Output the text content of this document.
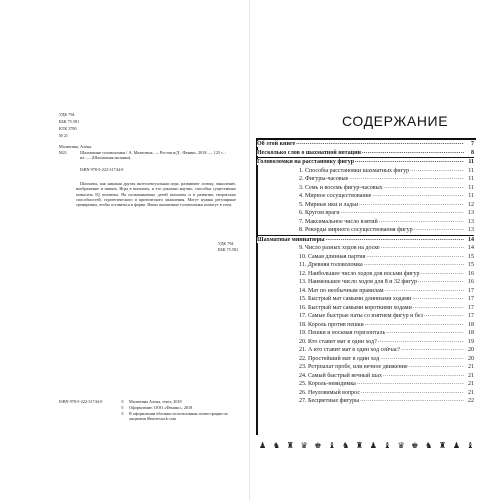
УДК 794
ББК 75.581
КТК 3780
М 21
Малютина, Алена.
М21	Шахматные головоломки / А. Малютина. — Ростов н/Д : Феникс, 2018. — 125 с. :
ил. — (Шахматная мозаика).
ISBN 978-5-222-31744-0

Шахматы, как никакая другая интеллектуальная игра, развивают логику, мышление, воображение и память. Игра в шахматы, и это доказано научно, способна существенно повысить IQ человека. На испытываемых детей шахматы и в развитии творческих способностей, стратегического и критического мышления. Могут нужны регулярные тренировки, чтобы оставаться в форме. Наши шахматные головоломки помогут в этом.

УДК 794
ББК 75.581
ISBN 978-5-222-31744-0	©	Малютина Алена, текст, 2018
©	Оформление: ООО «Феникс», 2018
©	В оформлении обложки использованы иллюстрации по лицензии Shutterstock.com
СОДЕРЖАНИЕ
Об этой книге .....	7
Несколько слов о шахматной нотации .....	8
Головоломки на расстановку фигур .....	11
1. Способы расстановки шахматных фигур .....	11
2. Фигуры-часовые .....	11
3. Семь и восемь фигур-часовых .....	11
4. Мирное сосуществование .....	11
5. Мирные ики и ладьи .....	12
6. Кругом враги .....	13
7. Максимальное число взятий .....	13
8. Рекорды мирного сосуществования фигур .....	13
Шахматные миниатюры .....	14
9. Число разных ходов на доске .....	14
10. Самая длинная партия .....	15
11. Древняя головоломка .....	15
12. Наибольшее число ходов для восьми фигур .....	16
13. Наименьшее число ходов для 8 и 32 фигур .....	16
14. Мат по необычным правилам .....	17
15. Быстрый мат самыми длинными ходами .....	17
16. Быстрый мат самыми короткими ходами .....	17
17. Самые быстрые паты со взятием фигур и без .....	17
18. Король против пешки .....	18
19. Пешки и восьмая горизонталь .....	18
20. Кто ставит мат в один ход? .....	19
21. А кто ставит мат в один ход сейчас? .....	20
22. Простейший мат в один ход .....	20
23. Ретрпалат пробе, или вечное движение .....	21
24. Самый быстрый вечный шах .....	21
25. Король-невидимка .....	21
26. Неуловимый вопрос .....	21
27. Бесцветные фигуры .....	22
♟ ♞ ♜ ♛ ♚ ♝ ♞ ♜ ♟ ♝ ♛ ♚ ♞ ♜ ♟ ♝
